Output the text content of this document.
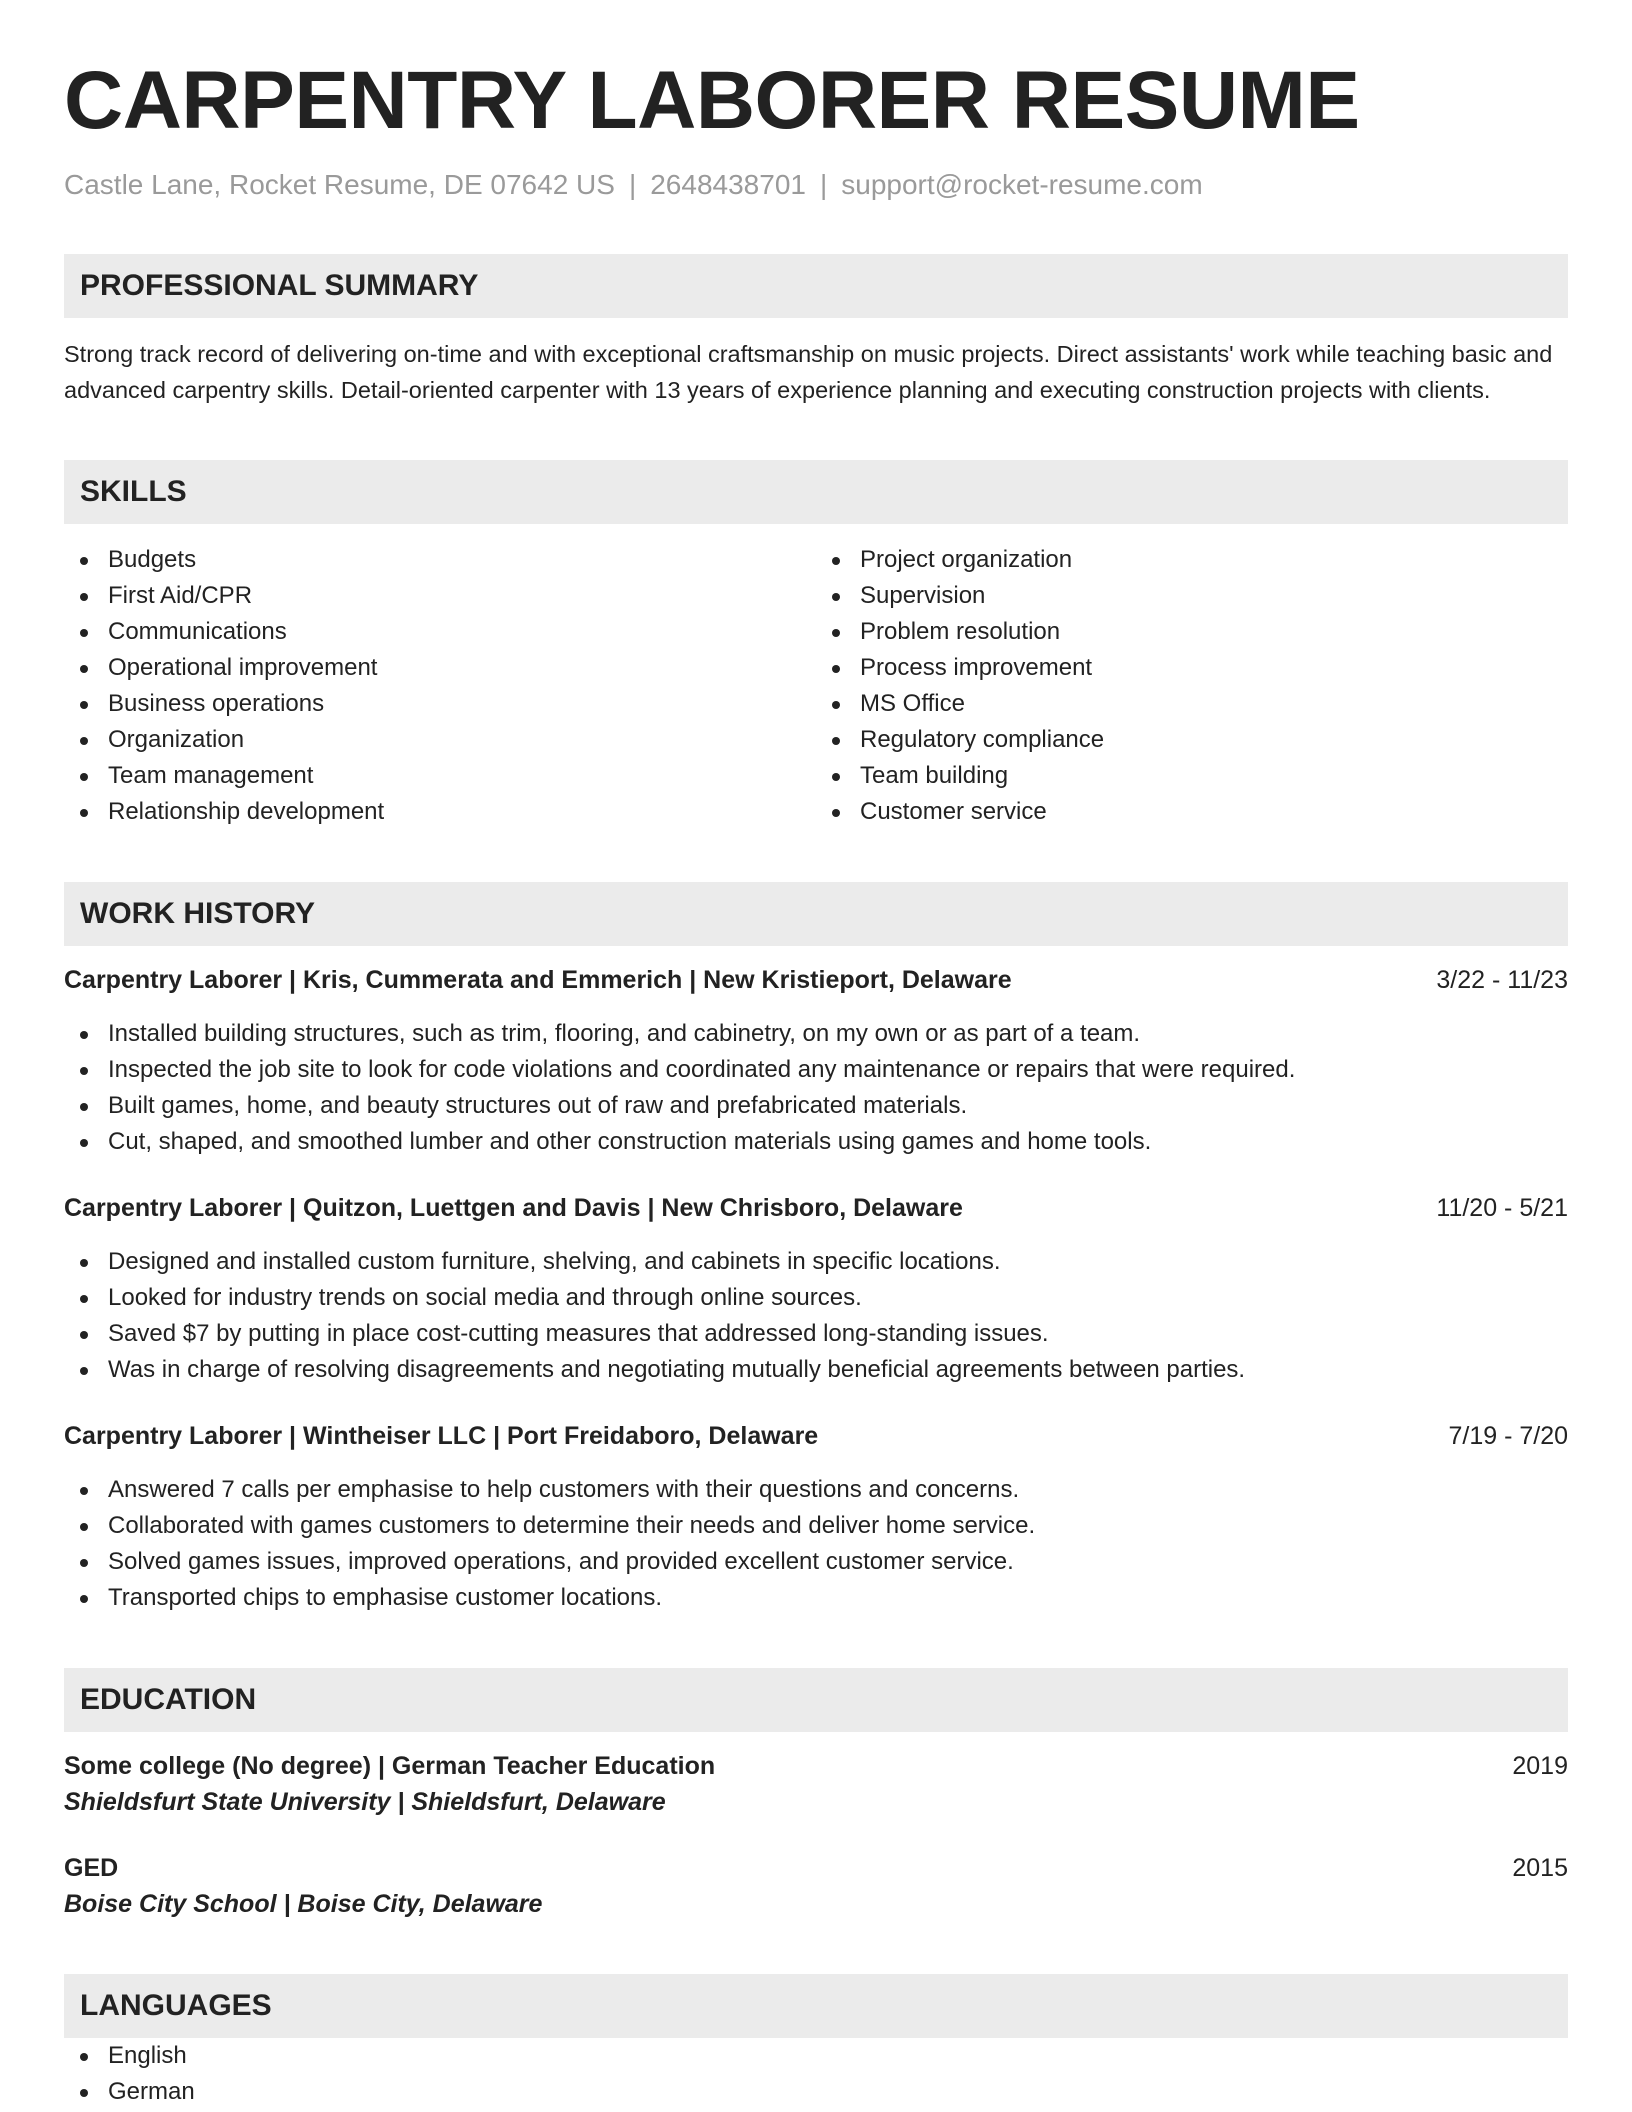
CARPENTRY LABORER RESUME
Castle Lane, Rocket Resume, DE 07642 US | 2648438701 | support@rocket-resume.com
PROFESSIONAL SUMMARY
Strong track record of delivering on-time and with exceptional craftsmanship on music projects. Direct assistants' work while teaching basic and advanced carpentry skills. Detail-oriented carpenter with 13 years of experience planning and executing construction projects with clients.
SKILLS
Budgets
First Aid/CPR
Communications
Operational improvement
Business operations
Organization
Team management
Relationship development
Project organization
Supervision
Problem resolution
Process improvement
MS Office
Regulatory compliance
Team building
Customer service
WORK HISTORY
Carpentry Laborer | Kris, Cummerata and Emmerich | New Kristieport, Delaware	3/22 - 11/23
Installed building structures, such as trim, flooring, and cabinetry, on my own or as part of a team.
Inspected the job site to look for code violations and coordinated any maintenance or repairs that were required.
Built games, home, and beauty structures out of raw and prefabricated materials.
Cut, shaped, and smoothed lumber and other construction materials using games and home tools.
Carpentry Laborer | Quitzon, Luettgen and Davis | New Chrisboro, Delaware	11/20 - 5/21
Designed and installed custom furniture, shelving, and cabinets in specific locations.
Looked for industry trends on social media and through online sources.
Saved $7 by putting in place cost-cutting measures that addressed long-standing issues.
Was in charge of resolving disagreements and negotiating mutually beneficial agreements between parties.
Carpentry Laborer | Wintheiser LLC | Port Freidaboro, Delaware	7/19 - 7/20
Answered 7 calls per emphasise to help customers with their questions and concerns.
Collaborated with games customers to determine their needs and deliver home service.
Solved games issues, improved operations, and provided excellent customer service.
Transported chips to emphasise customer locations.
EDUCATION
Some college (No degree) | German Teacher Education	2019
Shieldsfurt State University | Shieldsfurt, Delaware
GED	2015
Boise City School | Boise City, Delaware
LANGUAGES
English
German
